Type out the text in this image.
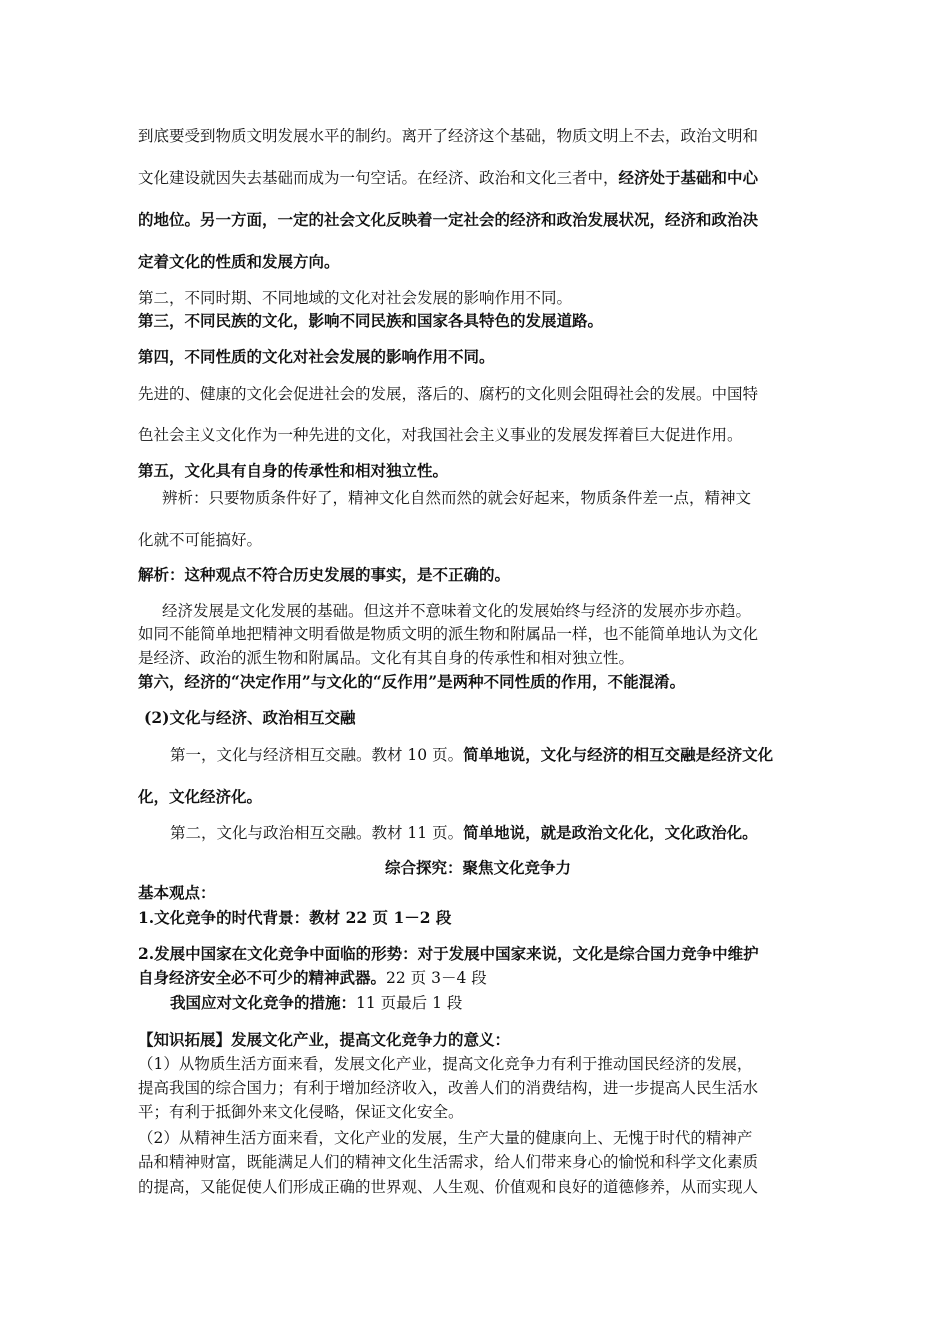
到底要受到物质文明发展水平的制约。离开了经济这个基础，物质文明上不去，政治文明和
文化建设就因失去基础而成为一句空话。在经济、政治和文化三者中，经济处于基础和中心
的地位。另一方面，一定的社会文化反映着一定社会的经济和政治发展状况，经济和政治决
定着文化的性质和发展方向。
第二，不同时期、不同地域的文化对社会发展的影响作用不同。
第三，不同民族的文化，影响不同民族和国家各具特色的发展道路。
第四，不同性质的文化对社会发展的影响作用不同。
先进的、健康的文化会促进社会的发展，落后的、腐朽的文化则会阻碍社会的发展。中国特
色社会主义文化作为一种先进的文化，对我国社会主义事业的发展发挥着巨大促进作用。
第五，文化具有自身的传承性和相对独立性。
辨析：只要物质条件好了，精神文化自然而然的就会好起来，物质条件差一点，精神文
化就不可能搞好。
解析：这种观点不符合历史发展的事实，是不正确的。
经济发展是文化发展的基础。但这并不意味着文化的发展始终与经济的发展亦步亦趋。
如同不能简单地把精神文明看做是物质文明的派生物和附属品一样，也不能简单地认为文化
是经济、政治的派生物和附属品。文化有其自身的传承性和相对独立性。
第六，经济的“决定作用”与文化的“反作用”是两种不同性质的作用，不能混淆。
(2)文化与经济、政治相互交融
第一，文化与经济相互交融。教材 10 页。简单地说，文化与经济的相互交融是经济文化
化，文化经济化。
第二，文化与政治相互交融。教材 11 页。简单地说，就是政治文化化，文化政治化。
综合探究：聚焦文化竞争力
基本观点：
1.文化竞争的时代背景：教材 22 页 1－2 段
2.发展中国家在文化竞争中面临的形势：对于发展中国家来说，文化是综合国力竞争中维护
自身经济安全必不可少的精神武器。22 页 3－4 段
我国应对文化竞争的措施：11 页最后 1 段
【知识拓展】发展文化产业，提高文化竞争力的意义：
（1）从物质生活方面来看，发展文化产业，提高文化竞争力有利于推动国民经济的发展，
提高我国的综合国力；有利于增加经济收入，改善人们的消费结构，进一步提高人民生活水
平；有利于抵御外来文化侵略，保证文化安全。
（2）从精神生活方面来看，文化产业的发展，生产大量的健康向上、无愧于时代的精神产
品和精神财富，既能满足人们的精神文化生活需求，给人们带来身心的愉悦和科学文化素质
的提高，又能促使人们形成正确的世界观、人生观、价值观和良好的道德修养，从而实现人
